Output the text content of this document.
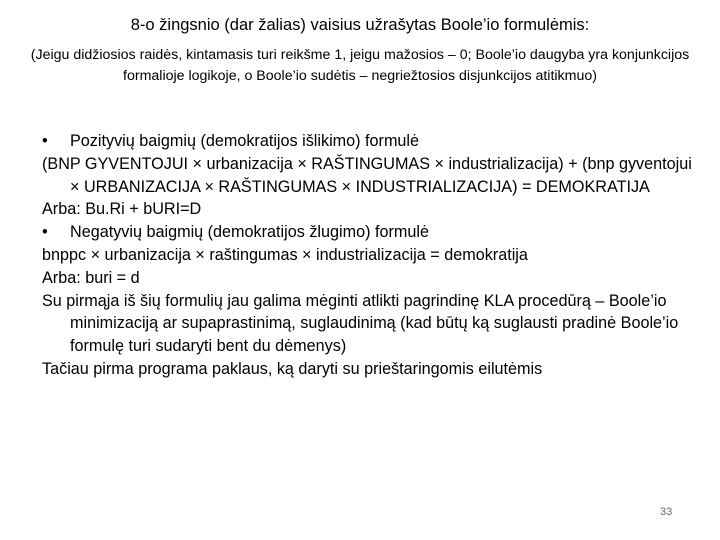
8-o žingsnio (dar žalias) vaisius užrašytas Boole’io formulėmis:
(Jeigu didžiosios raidės, kintamasis turi reikšme 1, jeigu mažosios – 0; Boole’io daugyba yra konjunkcijos formalioje logikoje, o Boole’io sudėtis – negriežtosios disjunkcijos atitikmuo)

• Pozityvių baigmių (demokratijos išlikimo) formulė

(BNP GYVENTOJUI × urbanizacija × RAŠTINGUMAS × industrializacija) + (bnp gyventojui × URBANIZACIJA × RAŠTINGUMAS × INDUSTRIALIZACIJA) = DEMOKRATIJA

Arba: Bu.Ri + bURI=D

• Negatyvių baigmių (demokratijos žlugimo) formulė

bnppc × urbanizacija × raštingumas × industrializacija = demokratija

Arba: buri = d

Su pirmąja iš šių formulių jau galima mėginti atlikti pagrindinę KLA procedūrą – Boole’io minimizaciją ar supaprastinimą, suglaudinimą (kad būtų ką suglausti pradinė Boole’io formulę turi sudaryti bent du dėmenys)

Tačiau pirma programa paklaus, ką daryti su prieštaringomis eilutėmis

33
